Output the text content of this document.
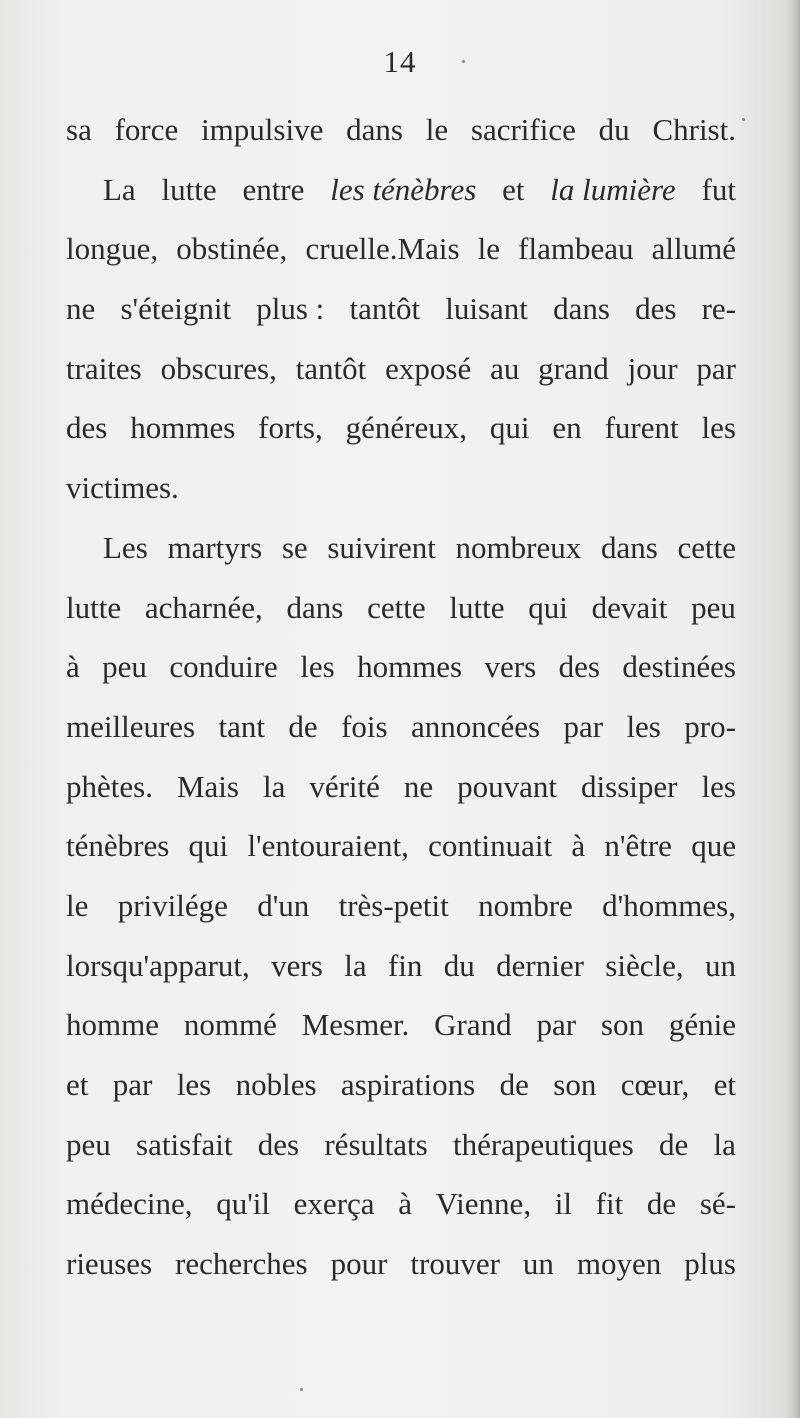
14
sa force impulsive dans le sacrifice du Christ.
La lutte entre les ténèbres et la lumière fut
longue, obstinée, cruelle.Mais le flambeau allumé
ne s'éteignit plus : tantôt luisant dans des re-
traites obscures, tantôt exposé au grand jour par
des hommes forts, généreux, qui en furent les
victimes.
Les martyrs se suivirent nombreux dans cette
lutte acharnée, dans cette lutte qui devait peu
à peu conduire les hommes vers des destinées
meilleures tant de fois annoncées par les pro-
phètes. Mais la vérité ne pouvant dissiper les
ténèbres qui l'entouraient, continuait à n'être que
le privilége d'un très-petit nombre d'hommes,
lorsqu'apparut, vers la fin du dernier siècle, un
homme nommé Mesmer. Grand par son génie
et par les nobles aspirations de son cœur, et
peu satisfait des résultats thérapeutiques de la
médecine, qu'il exerça à Vienne, il fit de sé-
rieuses recherches pour trouver un moyen plus
